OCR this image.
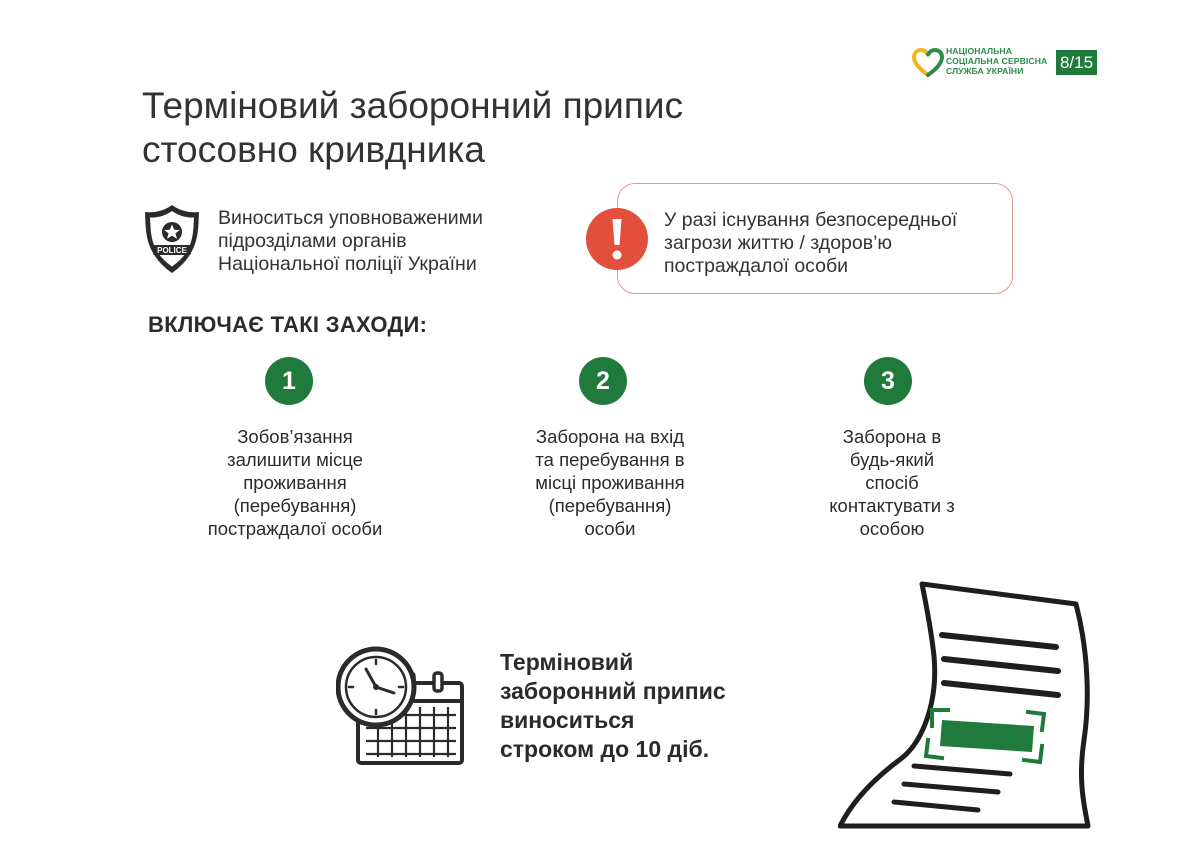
НАЦІОНАЛЬНА
СОЦІАЛЬНА СЕРВІСНА
СЛУЖБА УКРАЇНИ	8/15
Терміновий заборонний припис
стосовно кривдника
POLICE
Виноситься уповноваженими
підрозділами органів
Національної поліції України
У разі існування безпосередньої
загрози життю / здоров’ю
постраждалої особи
ВКЛЮЧАЄ ТАКІ ЗАХОДИ:
1
Зобов’язання
залишити місце
проживання
(перебування)
постраждалої особи
2
Заборона на вхід
та перебування в
місці проживання
(перебування)
особи
3
Заборона в
будь-який
спосіб
контактувати з
особою
Терміновий
заборонний припис
виноситься
строком до 10 діб.
